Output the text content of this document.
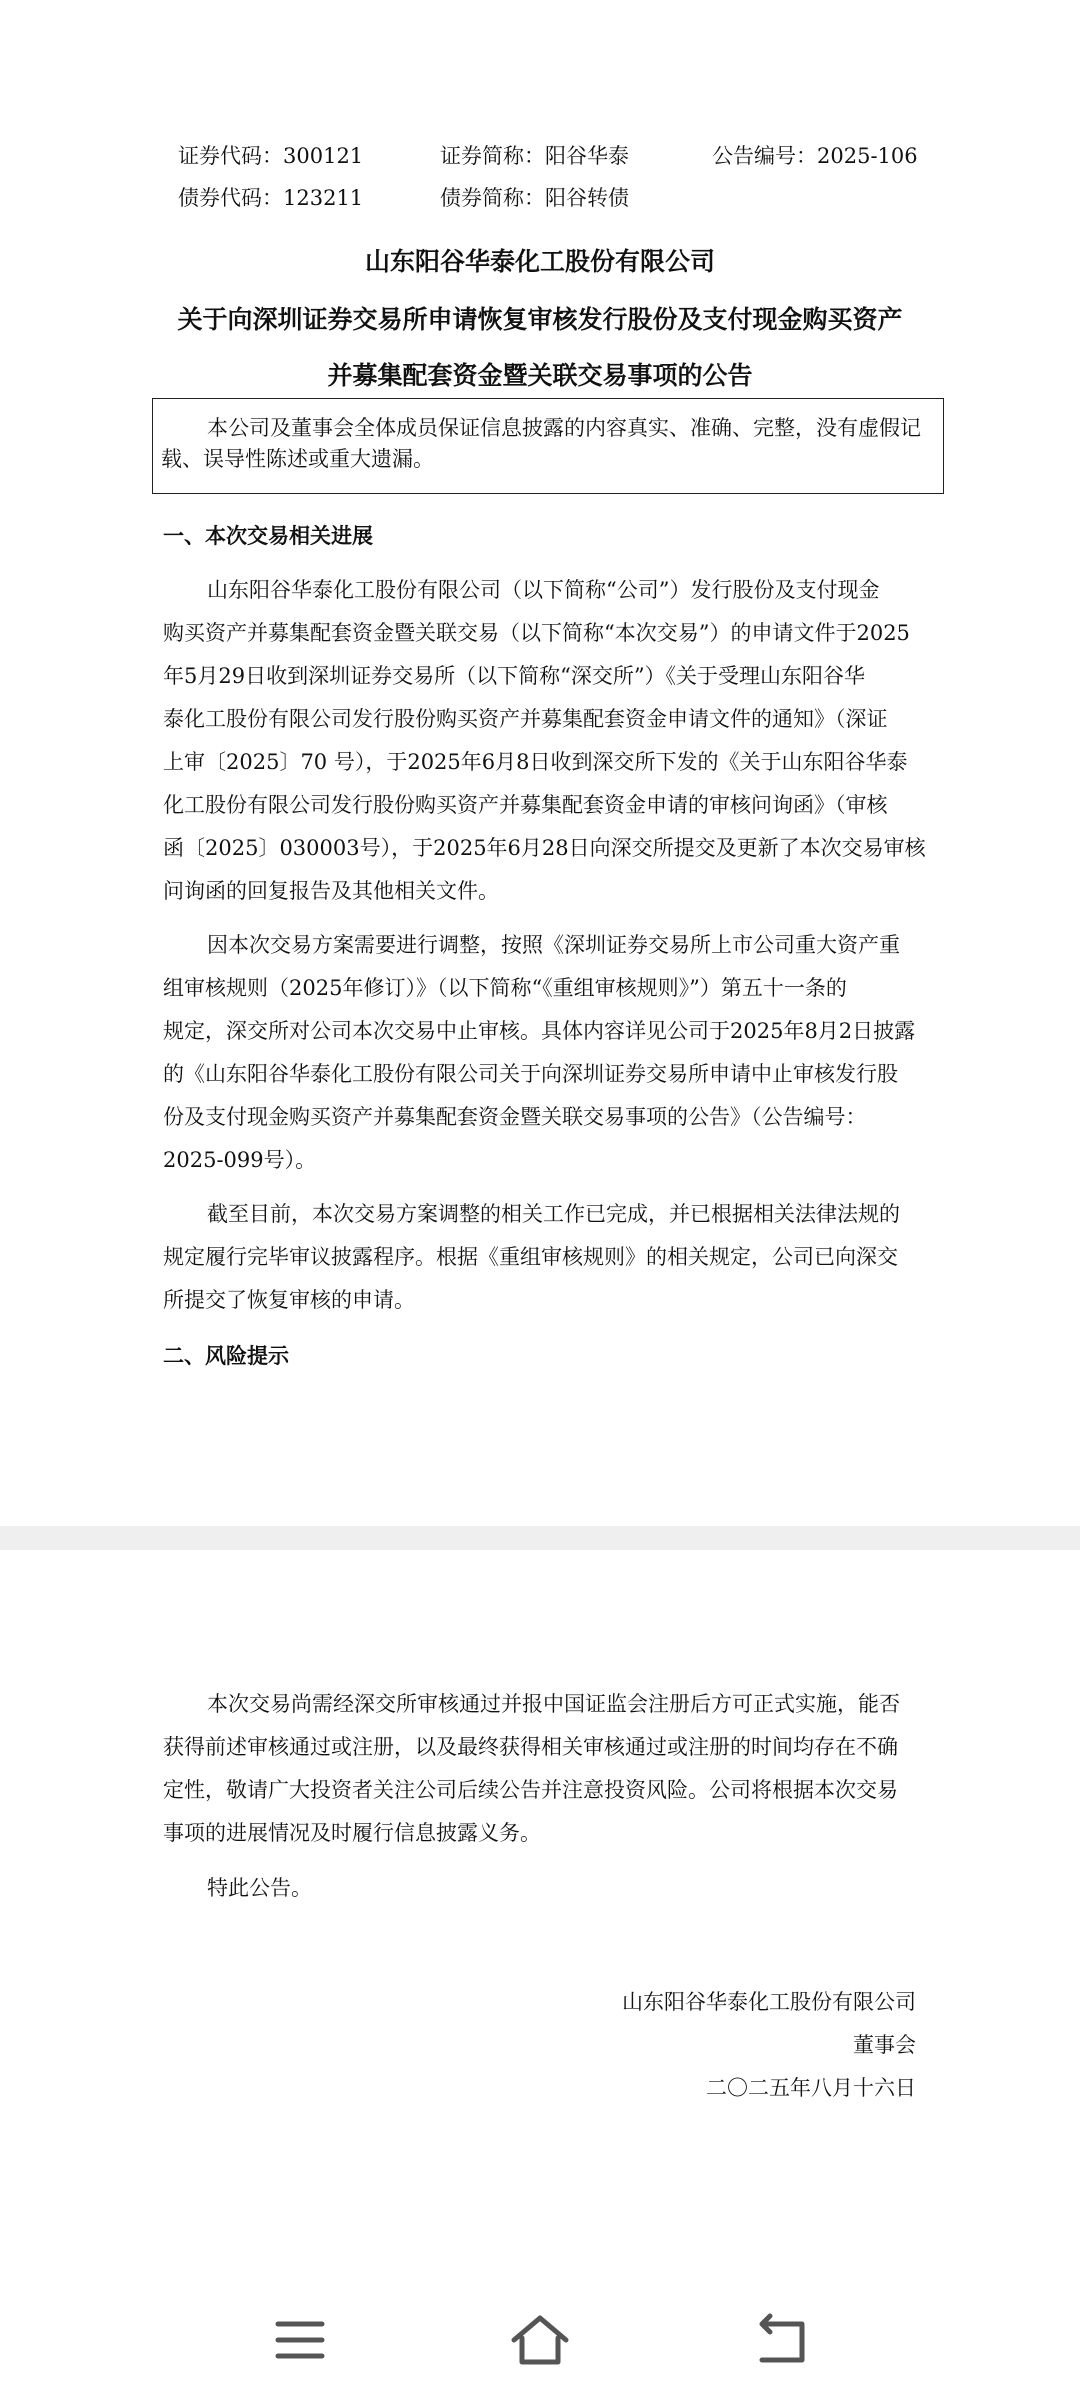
证券代码：300121	证券简称：阳谷华泰	公告编号：2025-106
债券代码：123211	债券简称：阳谷转债
山东阳谷华泰化工股份有限公司
关于向深圳证券交易所申请恢复审核发行股份及支付现金购买资产
并募集配套资金暨关联交易事项的公告
本公司及董事会全体成员保证信息披露的内容真实、准确、完整，没有虚假记
载、误导性陈述或重大遗漏。
一、本次交易相关进展
山东阳谷华泰化工股份有限公司（以下简称“公司”）发行股份及支付现金
购买资产并募集配套资金暨关联交易（以下简称“本次交易”）的申请文件于2025
年5月29日收到深圳证券交易所（以下简称“深交所”）《关于受理山东阳谷华
泰化工股份有限公司发行股份购买资产并募集配套资金申请文件的通知》（深证
上审〔2025〕70 号），于2025年6月8日收到深交所下发的《关于山东阳谷华泰
化工股份有限公司发行股份购买资产并募集配套资金申请的审核问询函》（审核
函〔2025〕030003号），于2025年6月28日向深交所提交及更新了本次交易审核
问询函的回复报告及其他相关文件。
因本次交易方案需要进行调整，按照《深圳证券交易所上市公司重大资产重
组审核规则（2025年修订）》（以下简称“《重组审核规则》”）第五十一条的
规定，深交所对公司本次交易中止审核。具体内容详见公司于2025年8月2日披露
的《山东阳谷华泰化工股份有限公司关于向深圳证券交易所申请中止审核发行股
份及支付现金购买资产并募集配套资金暨关联交易事项的公告》（公告编号：
2025-099号）。
截至目前，本次交易方案调整的相关工作已完成，并已根据相关法律法规的
规定履行完毕审议披露程序。根据《重组审核规则》的相关规定，公司已向深交
所提交了恢复审核的申请。
二、风险提示
本次交易尚需经深交所审核通过并报中国证监会注册后方可正式实施，能否
获得前述审核通过或注册，以及最终获得相关审核通过或注册的时间均存在不确
定性，敬请广大投资者关注公司后续公告并注意投资风险。公司将根据本次交易
事项的进展情况及时履行信息披露义务。
特此公告。
山东阳谷华泰化工股份有限公司
董事会
二〇二五年八月十六日
